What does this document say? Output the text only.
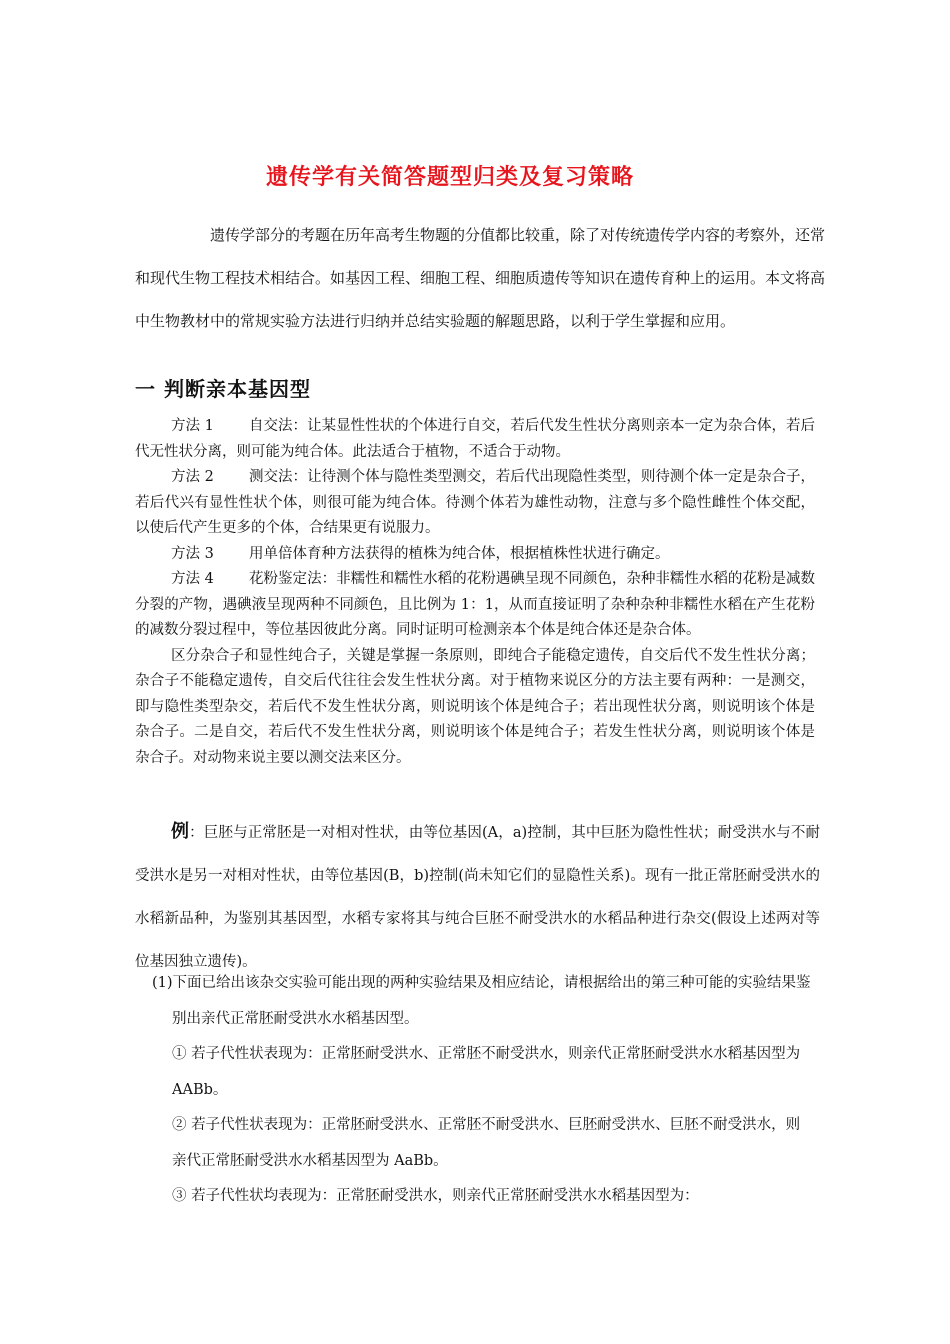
遗传学有关简答题型归类及复习策略

遗传学部分的考题在历年高考生物题的分值都比较重，除了对传统遗传学内容的考察外，还常和现代生物工程技术相结合。如基因工程、细胞工程、细胞质遗传等知识在遗传育种上的运用。本文将高中生物教材中的常规实验方法进行归纳并总结实验题的解题思路，以利于学生掌握和应用。

一 判断亲本基因型

方法 1 自交法：让某显性性状的个体进行自交，若后代发生性状分离则亲本一定为杂合体，若后代无性状分离，则可能为纯合体。此法适合于植物，不适合于动物。

方法 2 测交法：让待测个体与隐性类型测交，若后代出现隐性类型，则待测个体一定是杂合子，若后代兴有显性性状个体，则很可能为纯合体。待测个体若为雄性动物，注意与多个隐性雌性个体交配，以使后代产生更多的个体，合结果更有说服力。

方法 3 用单倍体育种方法获得的植株为纯合体，根据植株性状进行确定。

方法 4 花粉鉴定法：非糯性和糯性水稻的花粉遇碘呈现不同颜色，杂种非糯性水稻的花粉是减数分裂的产物，遇碘液呈现两种不同颜色，且比例为 1：1，从而直接证明了杂种杂种非糯性水稻在产生花粉的减数分裂过程中，等位基因彼此分离。同时证明可检测亲本个体是纯合体还是杂合体。

区分杂合子和显性纯合子，关键是掌握一条原则，即纯合子能稳定遗传，自交后代不发生性状分离；杂合子不能稳定遗传，自交后代往往会发生性状分离。对于植物来说区分的方法主要有两种：一是测交，即与隐性类型杂交，若后代不发生性状分离，则说明该个体是纯合子；若出现性状分离，则说明该个体是杂合子。二是自交，若后代不发生性状分离，则说明该个体是纯合子；若发生性状分离，则说明该个体是杂合子。对动物来说主要以测交法来区分。

例：巨胚与正常胚是一对相对性状，由等位基因(A，a)控制，其中巨胚为隐性性状；耐受洪水与不耐受洪水是另一对相对性状，由等位基因(B，b)控制(尚未知它们的显隐性关系)。现有一批正常胚耐受洪水的水稻新品种，为鉴别其基因型，水稻专家将其与纯合巨胚不耐受洪水的水稻品种进行杂交(假设上述两对等位基因独立遗传)。

(1)下面已给出该杂交实验可能出现的两种实验结果及相应结论，请根据给出的第三种可能的实验结果鉴别出亲代正常胚耐受洪水水稻基因型。

① 若子代性状表现为：正常胚耐受洪水、正常胚不耐受洪水，则亲代正常胚耐受洪水水稻基因型为 AABb。

② 若子代性状表现为：正常胚耐受洪水、正常胚不耐受洪水、巨胚耐受洪水、巨胚不耐受洪水，则亲代正常胚耐受洪水水稻基因型为 AaBb。

③ 若子代性状均表现为：正常胚耐受洪水，则亲代正常胚耐受洪水水稻基因型为：
